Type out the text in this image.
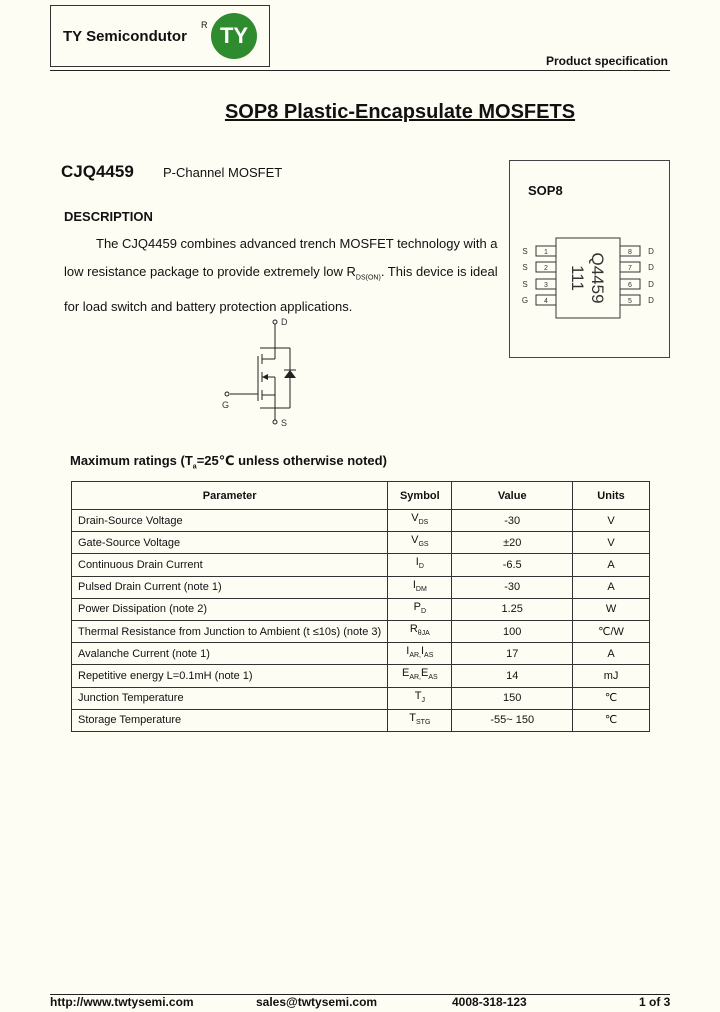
TY Semicondutor
R TY
Product specification
SOP8 Plastic-Encapsulate MOSFETS
CJQ4459 P-Channel MOSFET
DESCRIPTION
The CJQ4459 combines advanced trench MOSFET technology with a
low resistance package to provide extremely low $R_{DS(ON)}$. This device is ideal
for load switch and battery protection applications.
D
G
S
SOP8
1
2
3
4
S
S
S
G
8
7
6
5
D
D
D
D
Q4459
111
Maximum ratings ($T_a=25℃$ unless otherwise noted)
Parameter	Symbol	Value	Units
Drain-Source Voltage	$V_{DS}$	-30	V
Gate-Source Voltage	$V_{GS}$	±20	V
Continuous Drain Current	$I_D$	-6.5	A
Pulsed Drain Current (note 1)	$I_{DM}$	-30	A
Power Dissipation (note 2)	$P_D$	1.25	W
Thermal Resistance from Junction to Ambient (t ≤10s) (note 3)	$R_{\theta JA}$	100	℃/W
Avalanche Current (note 1)	$I_{AR,}I_{AS}$	17	A
Repetitive energy L=0.1mH (note 1)	$E_{AR,}E_{AS}$	14	mJ
Junction Temperature	$T_J$	150	℃
Storage Temperature	$T_{STG}$	-55~ 150	℃
http://www.twtysemi.com	sales@twtysemi.com	4008-318-123	1 of 3
